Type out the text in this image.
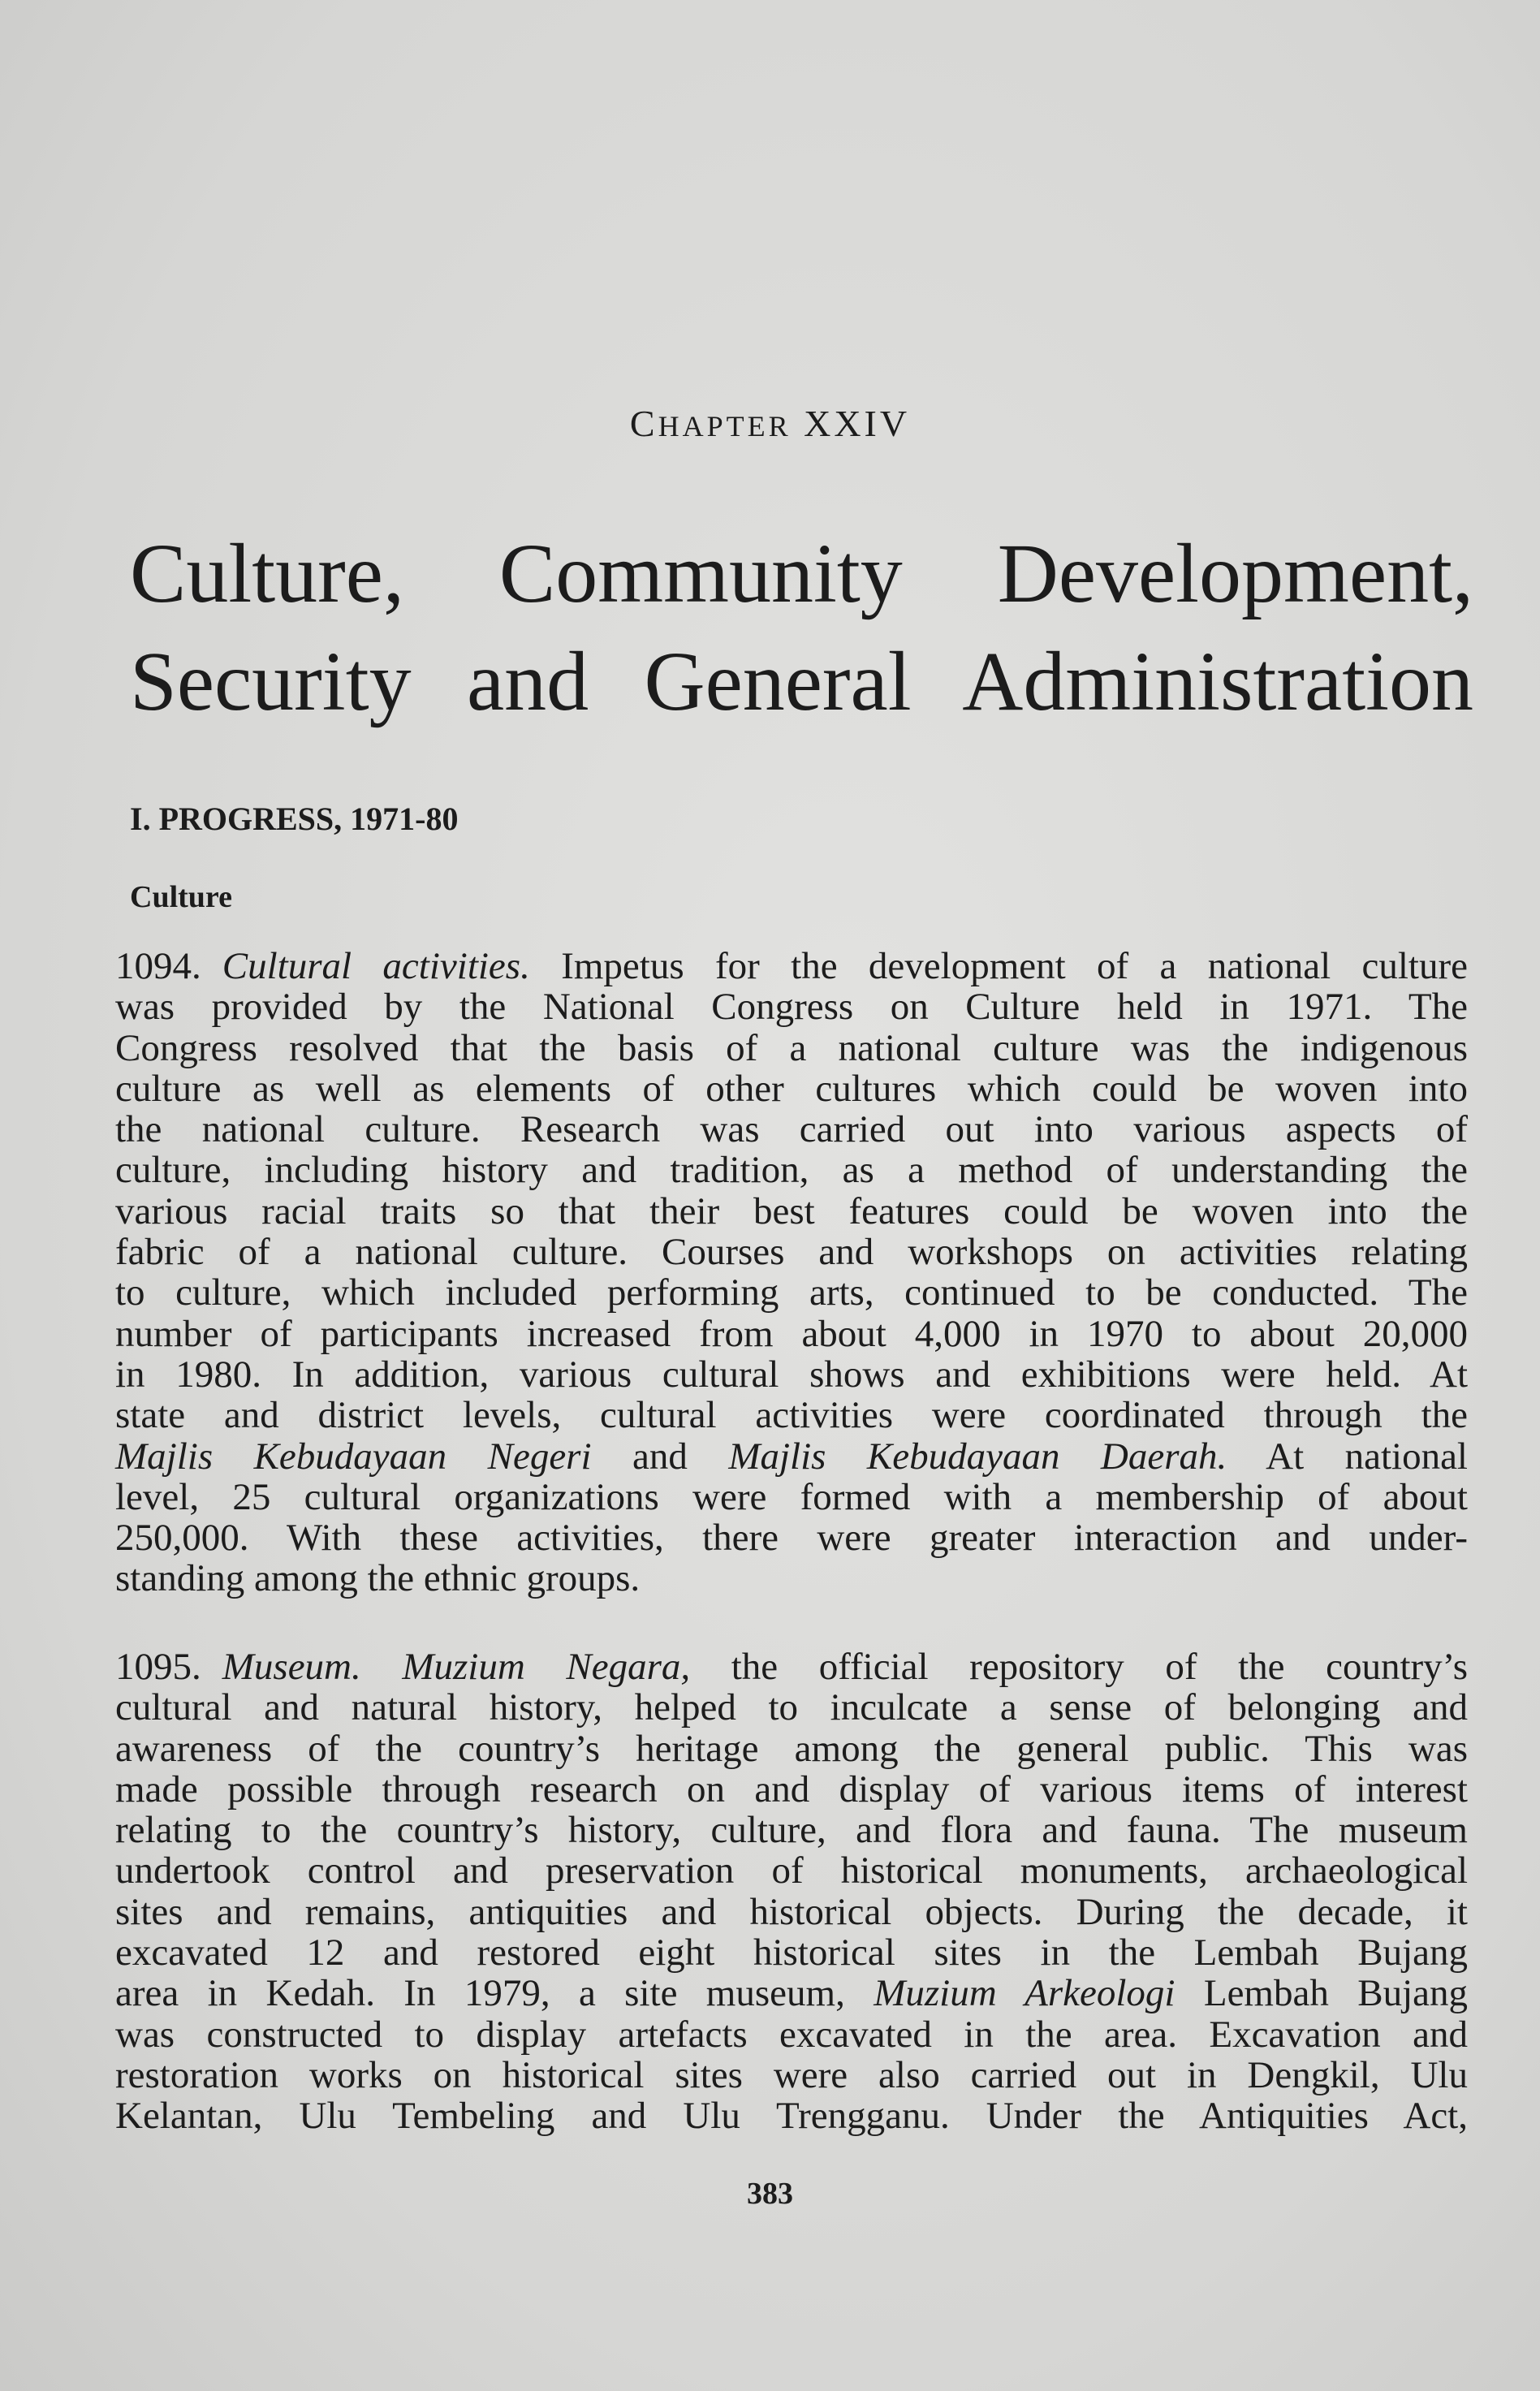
CHAPTER XXIV
Culture, Community Development,
Security and General Administration
I. PROGRESS, 1971-80
Culture
1094. Cultural activities. Impetus for the development of a national culture
was provided by the National Congress on Culture held in 1971. The
Congress resolved that the basis of a national culture was the indigenous
culture as well as elements of other cultures which could be woven into
the national culture. Research was carried out into various aspects of
culture, including history and tradition, as a method of understanding the
various racial traits so that their best features could be woven into the
fabric of a national culture. Courses and workshops on activities relating
to culture, which included performing arts, continued to be conducted. The
number of participants increased from about 4,000 in 1970 to about 20,000
in 1980. In addition, various cultural shows and exhibitions were held. At
state and district levels, cultural activities were coordinated through the
Majlis Kebudayaan Negeri and Majlis Kebudayaan Daerah. At national
level, 25 cultural organizations were formed with a membership of about
250,000. With these activities, there were greater interaction and under-
standing among the ethnic groups.
1095. Museum. Muzium Negara, the official repository of the country’s
cultural and natural history, helped to inculcate a sense of belonging and
awareness of the country’s heritage among the general public. This was
made possible through research on and display of various items of interest
relating to the country’s history, culture, and flora and fauna. The museum
undertook control and preservation of historical monuments, archaeological
sites and remains, antiquities and historical objects. During the decade, it
excavated 12 and restored eight historical sites in the Lembah Bujang
area in Kedah. In 1979, a site museum, Muzium Arkeologi Lembah Bujang
was constructed to display artefacts excavated in the area. Excavation and
restoration works on historical sites were also carried out in Dengkil, Ulu
Kelantan, Ulu Tembeling and Ulu Trengganu. Under the Antiquities Act,
383
